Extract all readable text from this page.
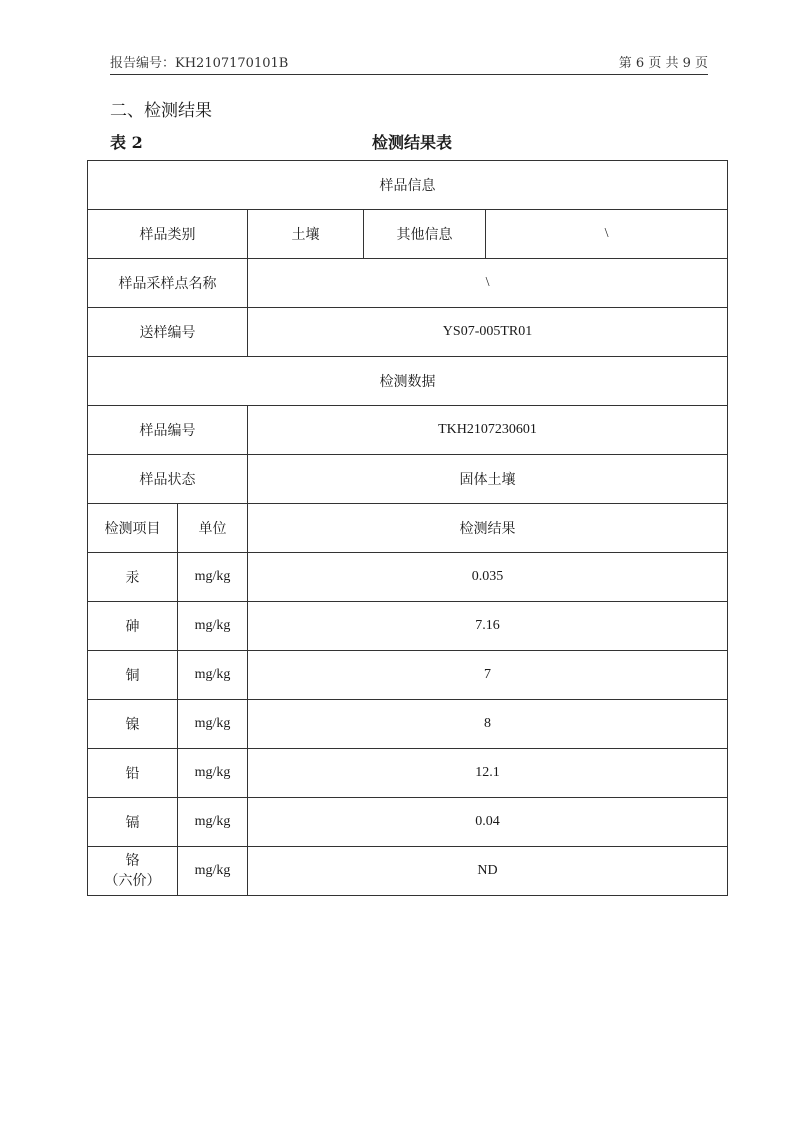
报告编号：KH2107170101B	第 6 页 共 9 页
二、检测结果
表 2	检测结果表
样品信息				
样品类别		土壤	其他信息	\
样品采样点名称		\		
送样编号		YS07-005TR01		
检测数据				
样品编号		TKH2107230601		
样品状态		固体土壤		
检测项目	单位	检测结果		
汞	mg/kg	0.035		
砷	mg/kg	7.16		
铜	mg/kg	7		
镍	mg/kg	8		
铅	mg/kg	12.1		
镉	mg/kg	0.04		

铬
（六价）	mg/kg	ND		
